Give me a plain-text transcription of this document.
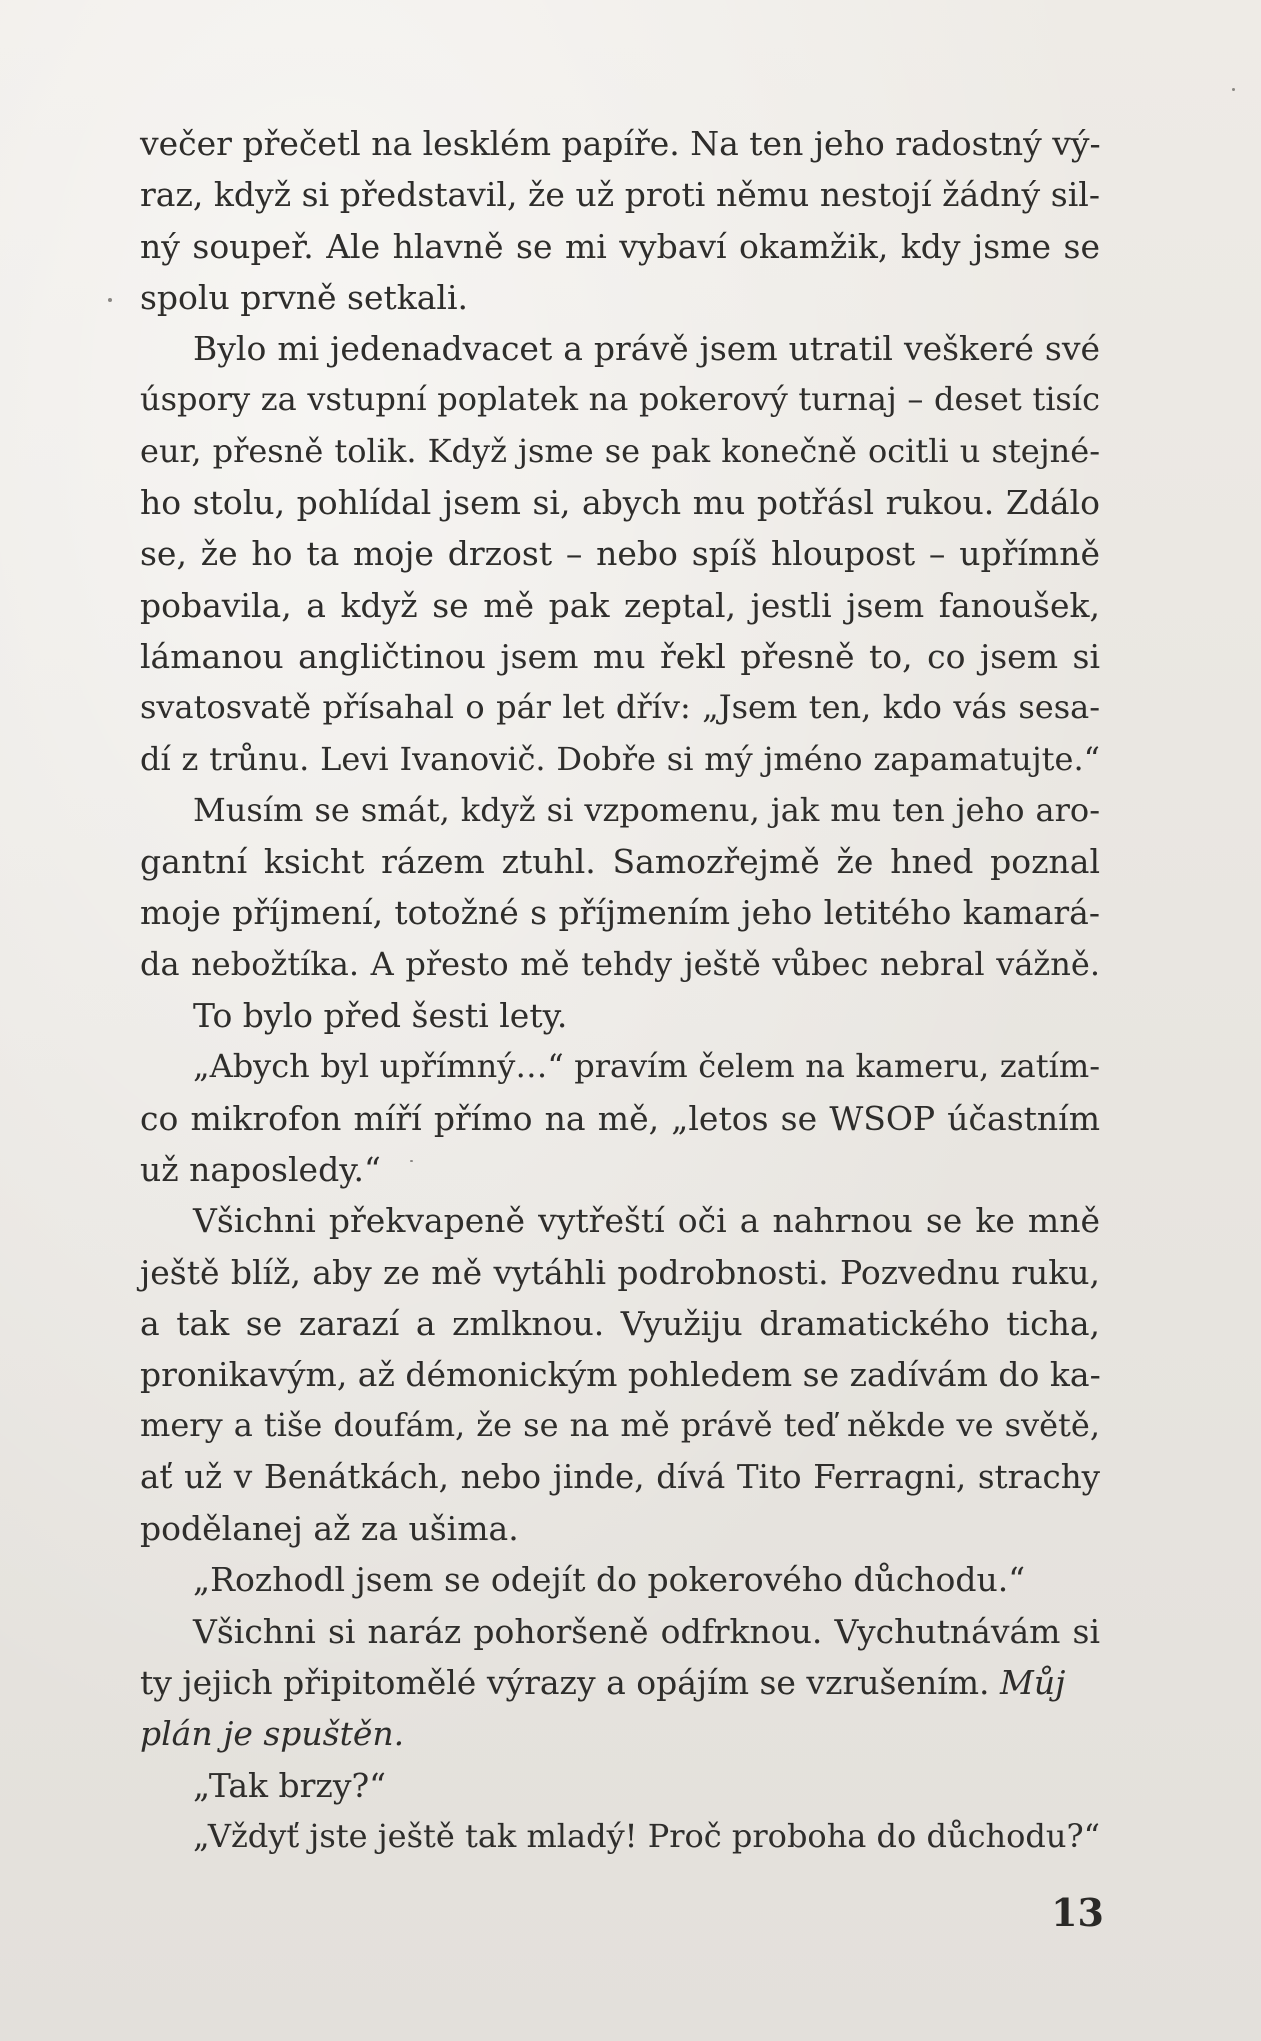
večer přečetl na lesklém papíře. Na ten jeho radostný vý-
raz, když si představil, že už proti němu nestojí žádný sil-
ný soupeř. Ale hlavně se mi vybaví okamžik, kdy jsme se
spolu prvně setkali.
Bylo mi jedenadvacet a právě jsem utratil veškeré své
úspory za vstupní poplatek na pokerový turnaj – deset tisíc
eur, přesně tolik. Když jsme se pak konečně ocitli u stejné-
ho stolu, pohlídal jsem si, abych mu potřásl rukou. Zdálo
se, že ho ta moje drzost – nebo spíš hloupost – upřímně
pobavila, a když se mě pak zeptal, jestli jsem fanoušek,
lámanou angličtinou jsem mu řekl přesně to, co jsem si
svatosvatě přísahal o pár let dřív: „Jsem ten, kdo vás sesa-
dí z trůnu. Levi Ivanovič. Dobře si mý jméno zapamatujte.“
Musím se smát, když si vzpomenu, jak mu ten jeho aro-
gantní ksicht rázem ztuhl. Samozřejmě že hned poznal
moje příjmení, totožné s příjmením jeho letitého kamará-
da nebožtíka. A přesto mě tehdy ještě vůbec nebral vážně.
To bylo před šesti lety.
„Abych byl upřímný…“ pravím čelem na kameru, zatím-
co mikrofon míří přímo na mě, „letos se WSOP účastním
už naposledy.“
Všichni překvapeně vytřeští oči a nahrnou se ke mně
ještě blíž, aby ze mě vytáhli podrobnosti. Pozvednu ruku,
a tak se zarazí a zmlknou. Využiju dramatického ticha,
pronikavým, až démonickým pohledem se zadívám do ka-
mery a tiše doufám, že se na mě právě teď někde ve světě,
ať už v Benátkách, nebo jinde, dívá Tito Ferragni, strachy
podělanej až za ušima.
„Rozhodl jsem se odejít do pokerového důchodu.“
Všichni si naráz pohoršeně odfrknou. Vychutnávám si
ty jejich připitomělé výrazy a opájím se vzrušením. Můj
plán je spuštěn.
„Tak brzy?“
„Vždyť jste ještě tak mladý! Proč proboha do důchodu?“
13
